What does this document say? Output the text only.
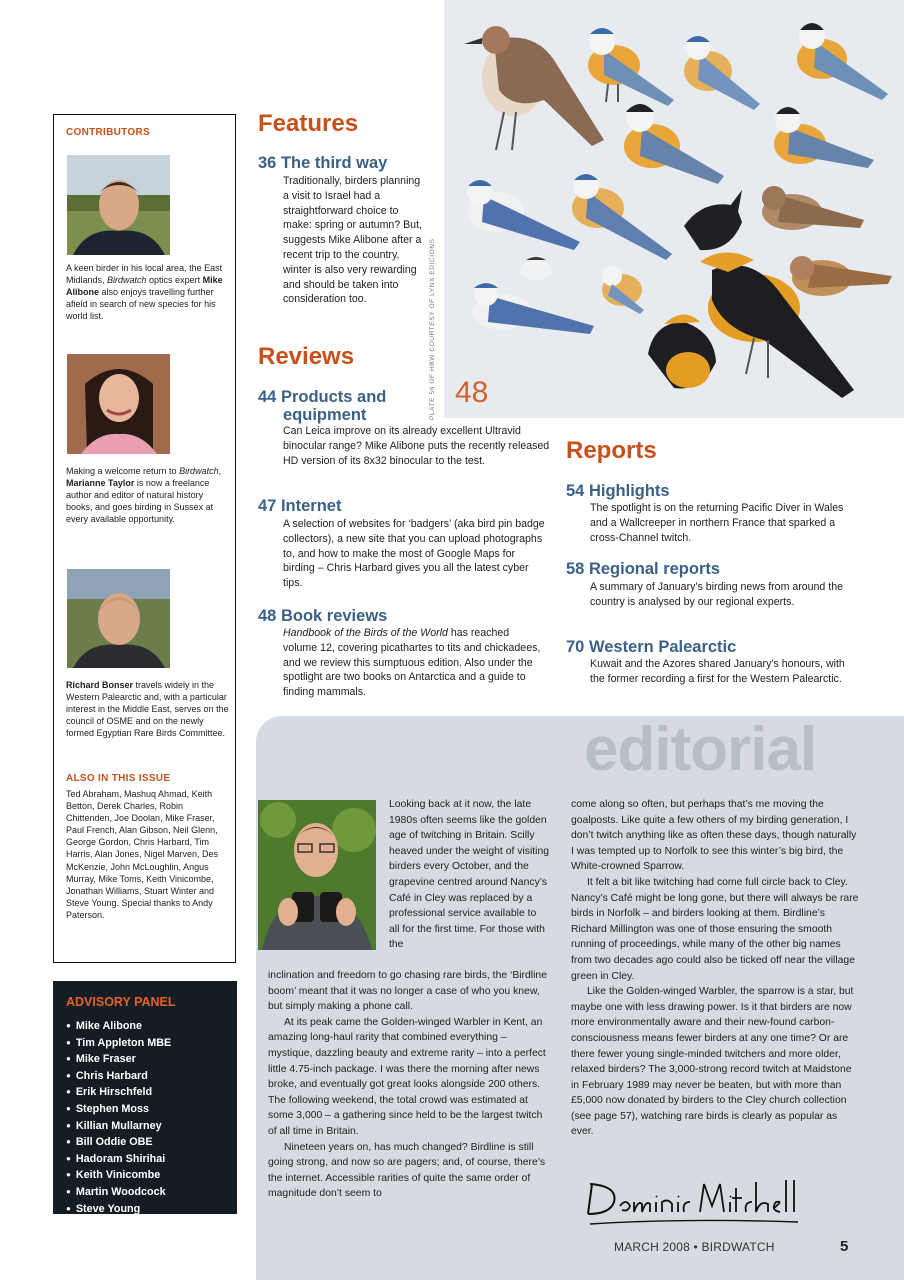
CONTRIBUTORS
A keen birder in his local area, the East Midlands, Birdwatch optics expert Mike Alibone also enjoys travelling further afield in search of new species for his world list.
Making a welcome return to Birdwatch, Marianne Taylor is now a freelance author and editor of natural history books, and goes birding in Sussex at every available opportunity.
Richard Bonser travels widely in the Western Palearctic and, with a particular interest in the Middle East, serves on the council of OSME and on the newly formed Egyptian Rare Birds Committee.
ALSO IN THIS ISSUE
Ted Abraham, Mashuq Ahmad, Keith Betton, Derek Charles, Robin Chittenden, Joe Doolan, Mike Fraser, Paul French, Alan Gibson, Neil Glenn, George Gordon, Chris Harbard, Tim Harris, Alan Jones, Nigel Marven, Des McKenzie, John McLoughlin, Angus Murray, Mike Toms, Keith Vinicombe, Jonathan Williams, Stuart Winter and Steve Young. Special thanks to Andy Paterson.
ADVISORY PANEL
● Mike Alibone
● Tim Appleton MBE
● Mike Fraser
● Chris Harbard
● Erik Hirschfeld
● Stephen Moss
● Killian Mullarney
● Bill Oddie OBE
● Hadoram Shirihai
● Keith Vinicombe
● Martin Woodcock
● Steve Young
Features
36 The third way
Traditionally, birders planning a visit to Israel had a straightforward choice to make: spring or autumn? But, suggests Mike Alibone after a recent trip to the country, winter is also very rewarding and should be taken into consideration too.
Reviews
44 Products and
equipment
Can Leica improve on its already excellent Ultravid binocular range? Mike Alibone puts the recently released HD version of its 8x32 binocular to the test.
47 Internet
A selection of websites for ‘badgers’ (aka bird pin badge collectors), a new site that you can upload photographs to, and how to make the most of Google Maps for birding – Chris Harbard gives you all the latest cyber tips.
48 Book reviews
Handbook of the Birds of the World has reached volume 12, covering picathartes to tits and chickadees, and we review this sumptuous edition. Also under the spotlight are two books on Antarctica and a guide to finding mammals.
PLATE 56 OF HBW COURTESY OF LYNX EDICIONS 48
Reports
54 Highlights
The spotlight is on the returning Pacific Diver in Wales and a Wallcreeper in northern France that sparked a cross-Channel twitch.
58 Regional reports
A summary of January’s birding news from around the country is analysed by our regional experts.
70 Western Palearctic
Kuwait and the Azores shared January’s honours, with the former recording a first for the Western Palearctic.
editorial
Looking back at it now, the late 1980s often seems like the golden age of twitching in Britain. Scilly heaved under the weight of visiting birders every October, and the grapevine centred around Nancy’s Café in Cley was replaced by a professional service available to all for the first time. For those with the

inclination and freedom to go chasing rare birds, the ‘Birdline boom’ meant that it was no longer a case of who you knew, but simply making a phone call.

At its peak came the Golden-winged Warbler in Kent, an amazing long-haul rarity that combined everything – mystique, dazzling beauty and extreme rarity – into a perfect little 4.75-inch package. I was there the morning after news broke, and eventually got great looks alongside 200 others. The following weekend, the total crowd was estimated at some 3,000 – a gathering since held to be the largest twitch of all time in Britain.

Nineteen years on, has much changed? Birdline is still going strong, and now so are pagers; and, of course, there’s the internet. Accessible rarities of quite the same order of magnitude don’t seem to

come along so often, but perhaps that’s me moving the goalposts. Like quite a few others of my birding generation, I don’t twitch anything like as often these days, though naturally I was tempted up to Norfolk to see this winter’s big bird, the White-crowned Sparrow.

It felt a bit like twitching had come full circle back to Cley. Nancy’s Café might be long gone, but there will always be rare birds in Norfolk – and birders looking at them. Birdline’s Richard Millington was one of those ensuring the smooth running of proceedings, while many of the other big names from two decades ago could also be ticked off near the village green in Cley.

Like the Golden-winged Warbler, the sparrow is a star, but maybe one with less drawing power. Is it that birders are now more environmentally aware and their new-found carbon-consciousness means fewer birders at any one time? Or are there fewer young single-minded twitchers and more older, relaxed birders? The 3,000-strong record twitch at Maidstone in February 1989 may never be beaten, but with more than £5,000 now donated by birders to the Cley church collection (see page 57), watching rare birds is clearly as popular as ever.

MARCH 2008 • BIRDWATCH	5
